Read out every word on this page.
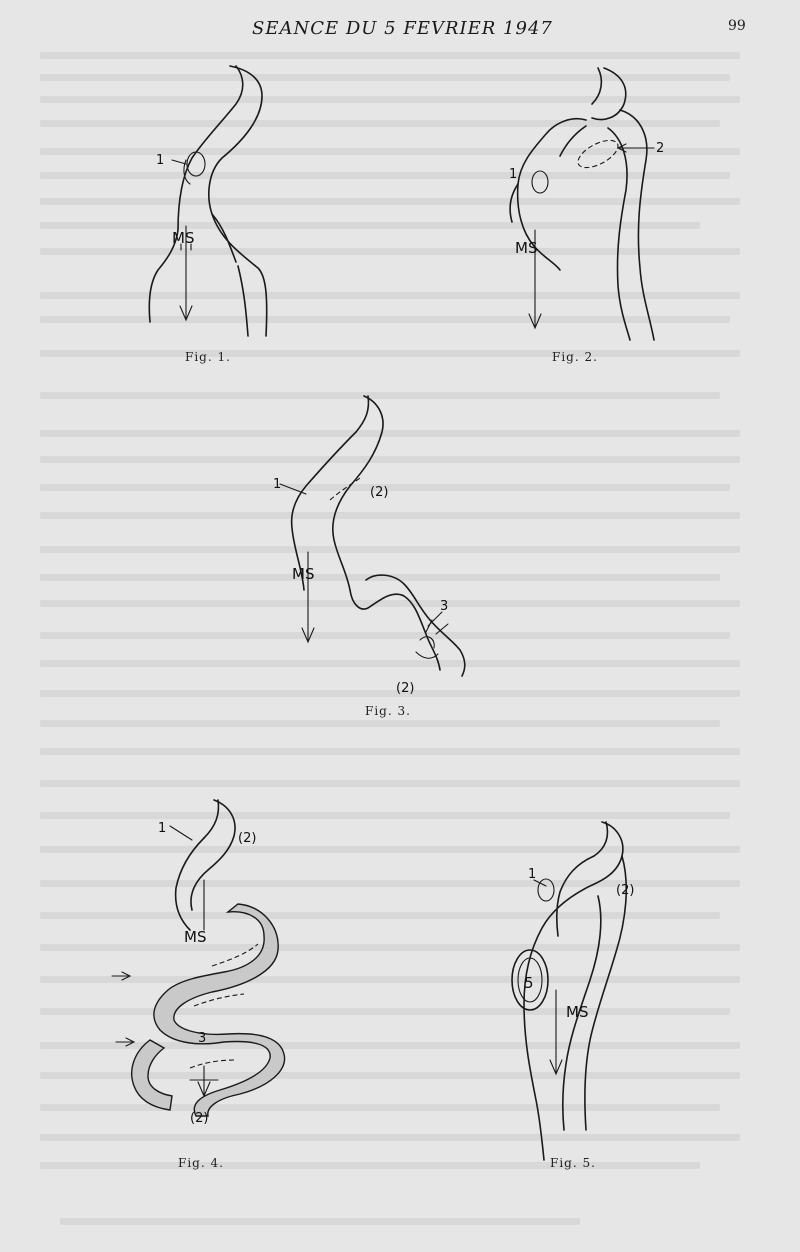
SEANCE DU 5 FEVRIER 1947	99
1
MS
1
2
MS
1
(2)
MS
3
(2)
1
(2)
MS
3
(2)
1
(2)
5
MS
Fig. 1.	Fig. 2.
Fig. 3.
Fig. 4.	Fig. 5.
